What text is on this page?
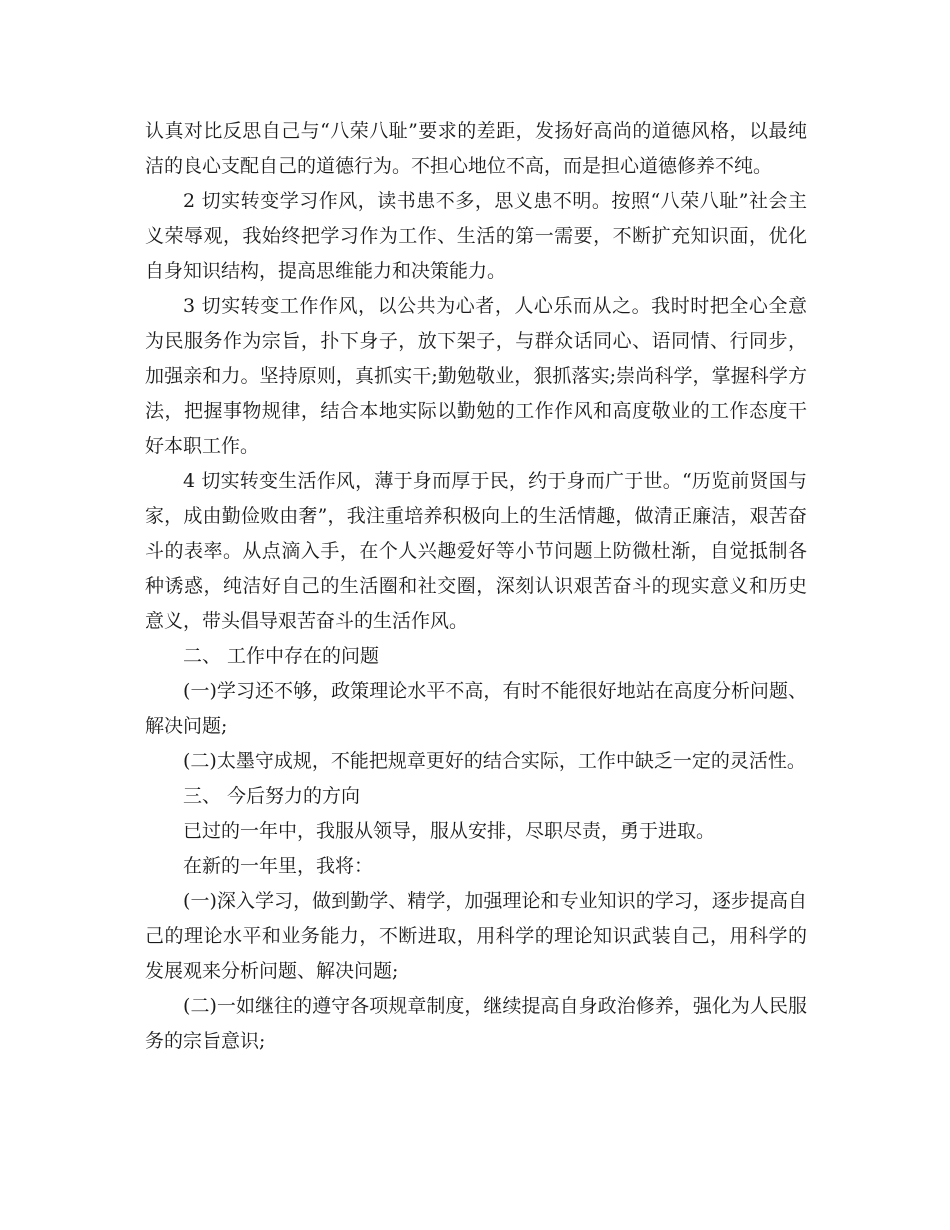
认真对比反思自己与“八荣八耻”要求的差距，发扬好高尚的道德风格，以最纯洁的良心支配自己的道德行为。不担心地位不高，而是担心道德修养不纯。

2 切实转变学习作风，读书患不多，思义患不明。按照“八荣八耻”社会主义荣辱观，我始终把学习作为工作、生活的第一需要，不断扩充知识面，优化自身知识结构，提高思维能力和决策能力。

3 切实转变工作作风，以公共为心者，人心乐而从之。我时时把全心全意为民服务作为宗旨，扑下身子，放下架子，与群众话同心、语同情、行同步，加强亲和力。坚持原则，真抓实干;勤勉敬业，狠抓落实;崇尚科学，掌握科学方法，把握事物规律，结合本地实际以勤勉的工作作风和高度敬业的工作态度干好本职工作。

4 切实转变生活作风，薄于身而厚于民，约于身而广于世。“历览前贤国与家，成由勤俭败由奢”，我注重培养积极向上的生活情趣，做清正廉洁，艰苦奋斗的表率。从点滴入手，在个人兴趣爱好等小节问题上防微杜渐，自觉抵制各种诱惑，纯洁好自己的生活圈和社交圈，深刻认识艰苦奋斗的现实意义和历史意义，带头倡导艰苦奋斗的生活作风。

二、 工作中存在的问题

(一)学习还不够，政策理论水平不高，有时不能很好地站在高度分析问题、解决问题;

(二)太墨守成规，不能把规章更好的结合实际，工作中缺乏一定的灵活性。

三、 今后努力的方向

已过的一年中，我服从领导，服从安排，尽职尽责，勇于进取。

在新的一年里，我将：

(一)深入学习，做到勤学、精学，加强理论和专业知识的学习，逐步提高自己的理论水平和业务能力，不断进取，用科学的理论知识武装自己，用科学的发展观来分析问题、解决问题;

(二)一如继往的遵守各项规章制度，继续提高自身政治修养，强化为人民服务的宗旨意识;
